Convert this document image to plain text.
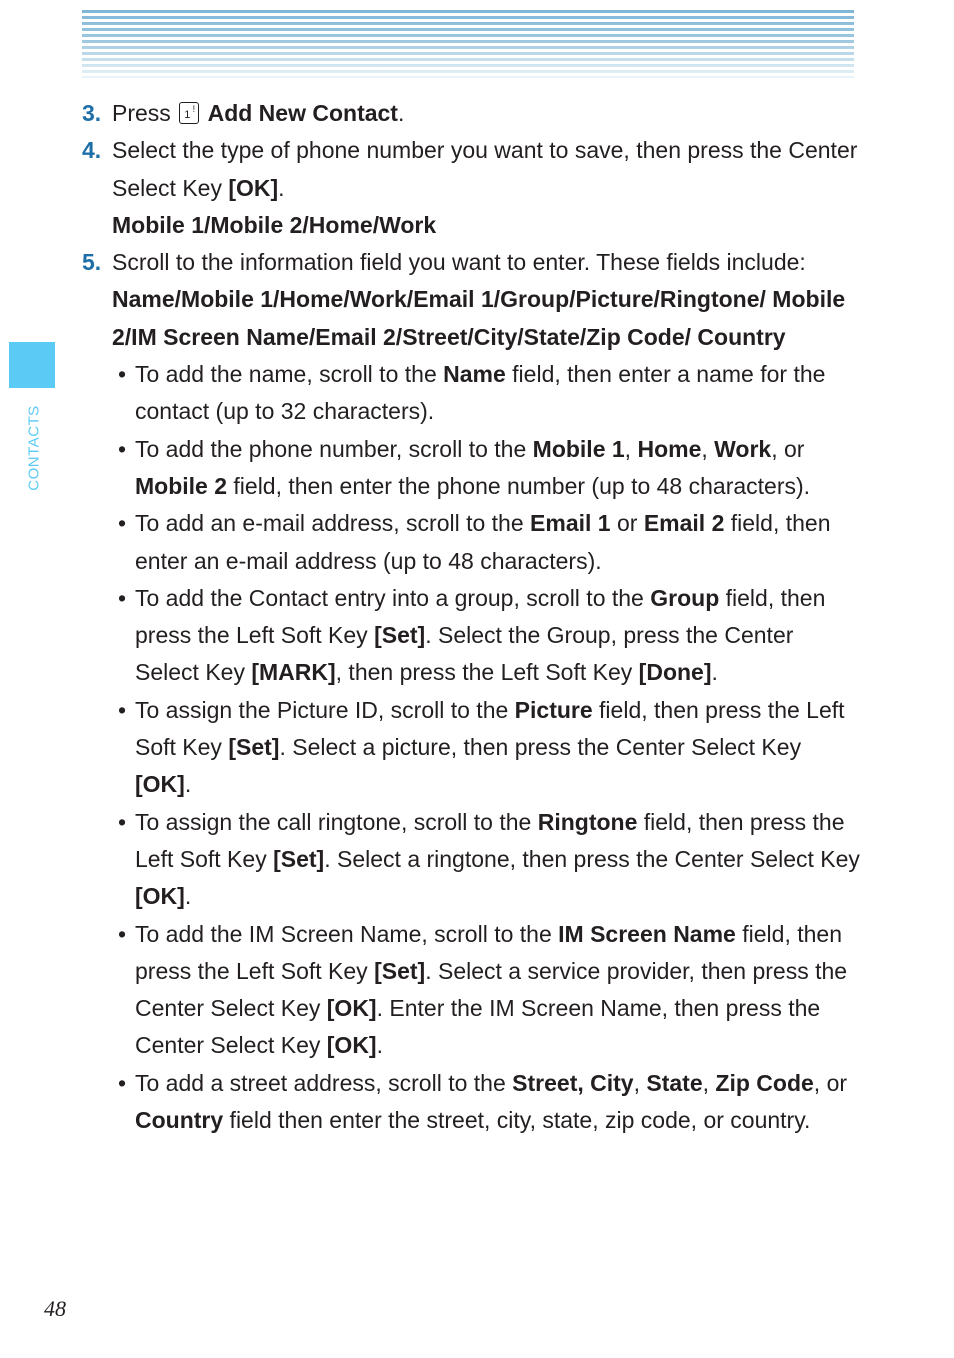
CONTACTS
3. Press 1 ! Add New Contact.
4. Select the type of phone number you want to save, then press the Center Select Key [OK].
Mobile 1/Mobile 2/Home/Work
5. Scroll to the information field you want to enter. These fields include:
Name/Mobile 1/Home/Work/Email 1/Group/Picture/Ringtone/ Mobile 2/IM Screen Name/Email 2/Street/City/State/Zip Code/ Country
• To add the name, scroll to the Name field, then enter a name for the contact (up to 32 characters).
• To add the phone number, scroll to the Mobile 1, Home, Work, or Mobile 2 field, then enter the phone number (up to 48 characters).
• To add an e-mail address, scroll to the Email 1 or Email 2 field, then enter an e-mail address (up to 48 characters).
• To add the Contact entry into a group, scroll to the Group field, then press the Left Soft Key [Set]. Select the Group, press the Center Select Key [MARK], then press the Left Soft Key [Done].
• To assign the Picture ID, scroll to the Picture field, then press the Left Soft Key [Set]. Select a picture, then press the Center Select Key [OK].
• To assign the call ringtone, scroll to the Ringtone field, then press the Left Soft Key [Set]. Select a ringtone, then press the Center Select Key [OK].
• To add the IM Screen Name, scroll to the IM Screen Name field, then press the Left Soft Key [Set]. Select a service provider, then press the Center Select Key [OK]. Enter the IM Screen Name, then press the Center Select Key [OK].
• To add a street address, scroll to the Street, City, State, Zip Code, or Country field then enter the street, city, state, zip code, or country.
48
